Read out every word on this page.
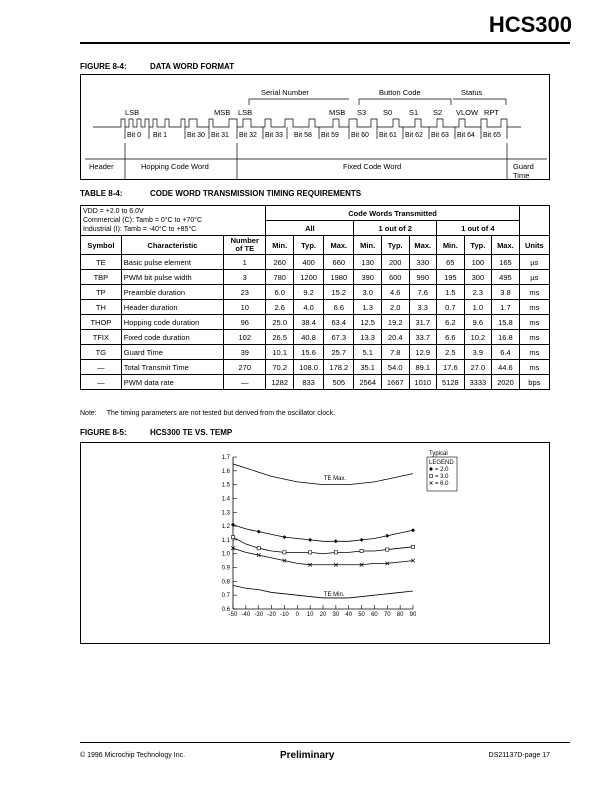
HCS300
FIGURE 8-4:	DATA WORD FORMAT
Serial Number	Button Code	Status
LSB	MSB LSB	MSB S3 S0 S1 S2 VLOW RPT
Bit 0 Bit 1	Bit 30 Bit 31 Bit 32 Bit 33 Bit 58 Bit 59 Bit 60 Bit 61 Bit 62 Bit 63 Bit 64 Bit 65
Header	Hopping Code Word	Fixed Code Word	Guard
Time
TABLE 8-4:	CODE WORD TRANSMISSION TIMING REQUIREMENTS
VDD = +2.0 to 6.0V
Commercial (C): Tamb = 0°C to +70°C
Industrial (I): Tamb = -40°C to +85°C			Code Words Transmitted									
			All			1 out of 2			1 out of 4			
Symbol	Characteristic	Number
of TE	Min.	Typ.	Max.	Min.	Typ.	Max.	Min.	Typ.	Max.	Units
TE	Basic pulse element	1	260	400	660	130	200	330	65	100	165	µs
TBP	PWM bit pulse width	3	780	1200	1980	390	600	990	195	300	495	µs
TP	Preamble duration	23	6.0	9.2	15.2	3.0	4.6	7.6	1.5	2.3	3.8	ms
TH	Header duration	10	2.6	4.0	6.6	1.3	2.0	3.3	0.7	1.0	1.7	ms
THOP	Hopping code duration	96	25.0	38.4	63.4	12.5	19.2	31.7	6.2	9.6	15.8	ms
TFIX	Fixed code duration	102	26.5	40.8	67.3	13.3	20.4	33.7	6.6	10.2	16.8	ms
TG	Guard Time	39	10.1	15.6	25.7	5.1	7.8	12.9	2.5	3.9	6.4	ms
—	Total Transmit Time	270	70.2	108.0	178.2	35.1	54.0	89.1	17.6	27.0	44.6	ms
—	PWM data rate	—	1282	833	505	2564	1667	1010	5128	3333	2020	bps
Note: The timing parameters are not tested but derived from the oscillator clock.
FIGURE 8-5:	HCS300 TE VS. TEMP
0.6
0.7
0.8
0.9
1.0
1.1
1.2
1.3
1.4
1.5
1.6
1.7
-50 -40 -30 -20 -10 0 10 20 30 40 50 60 70 80 90
TE Max.
TE Min.
Typical
LEGEND
= 2.0
= 3.0
= 6.0
© 1996 Microchip Technology Inc.	Preliminary	DS21137D-page 17
